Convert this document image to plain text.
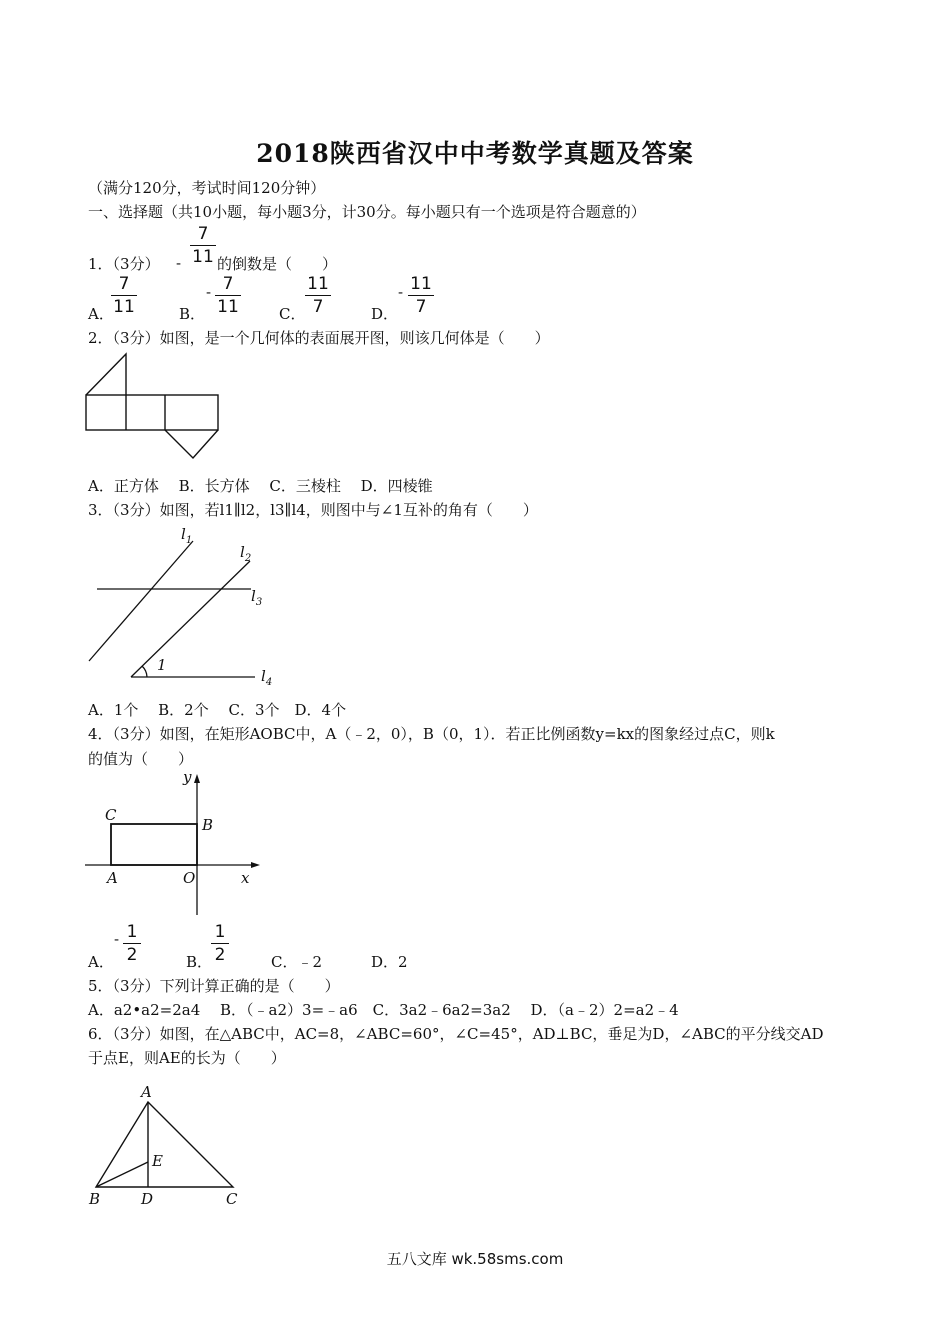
2018陕西省汉中中考数学真题及答案
（满分120分，考试时间120分钟）
一、选择题（共10小题，每小题3分，计30分。每小题只有一个选项是符合题意的）
1．（3分） -
7
11 的倒数是（　　）
A．
7
11	B．
- 7
11	C．
11
7	D．
- 11
7
2．（3分）如图，是一个几何体的表面展开图，则该几何体是（　　）
A．正方体　 B．长方体　 C．三棱柱　 D．四棱锥
3．（3分）如图，若l1∥l2，l3∥l4，则图中与∠1互补的角有（　　）
$l_1$
$l_2$
$l_3$
$l_4$
1
A．1个　 B．2个　 C．3个　D．4个
4．（3分）如图，在矩形AOBC中，A（﹣2，0），B（0，1）．若正比例函数y=kx的图象经过点C，则k
的值为（　　）
y
x
C
B
A	O
A．
- 1
2	B．
1
2	C．﹣2	D．2
5．（3分）下列计算正确的是（　　）
A．a2•a2=2a4　 B．（﹣a2）3=﹣a6　C．3a2﹣6a2=3a2　 D．（a﹣2）2=a2﹣4
6．（3分）如图，在△ABC中，AC=8，∠ABC=60°，∠C=45°，AD⊥BC，垂足为D，∠ABC的平分线交AD
于点E，则AE的长为（　　）
A
E
B	D	C
五八文库 wk.58sms.com
